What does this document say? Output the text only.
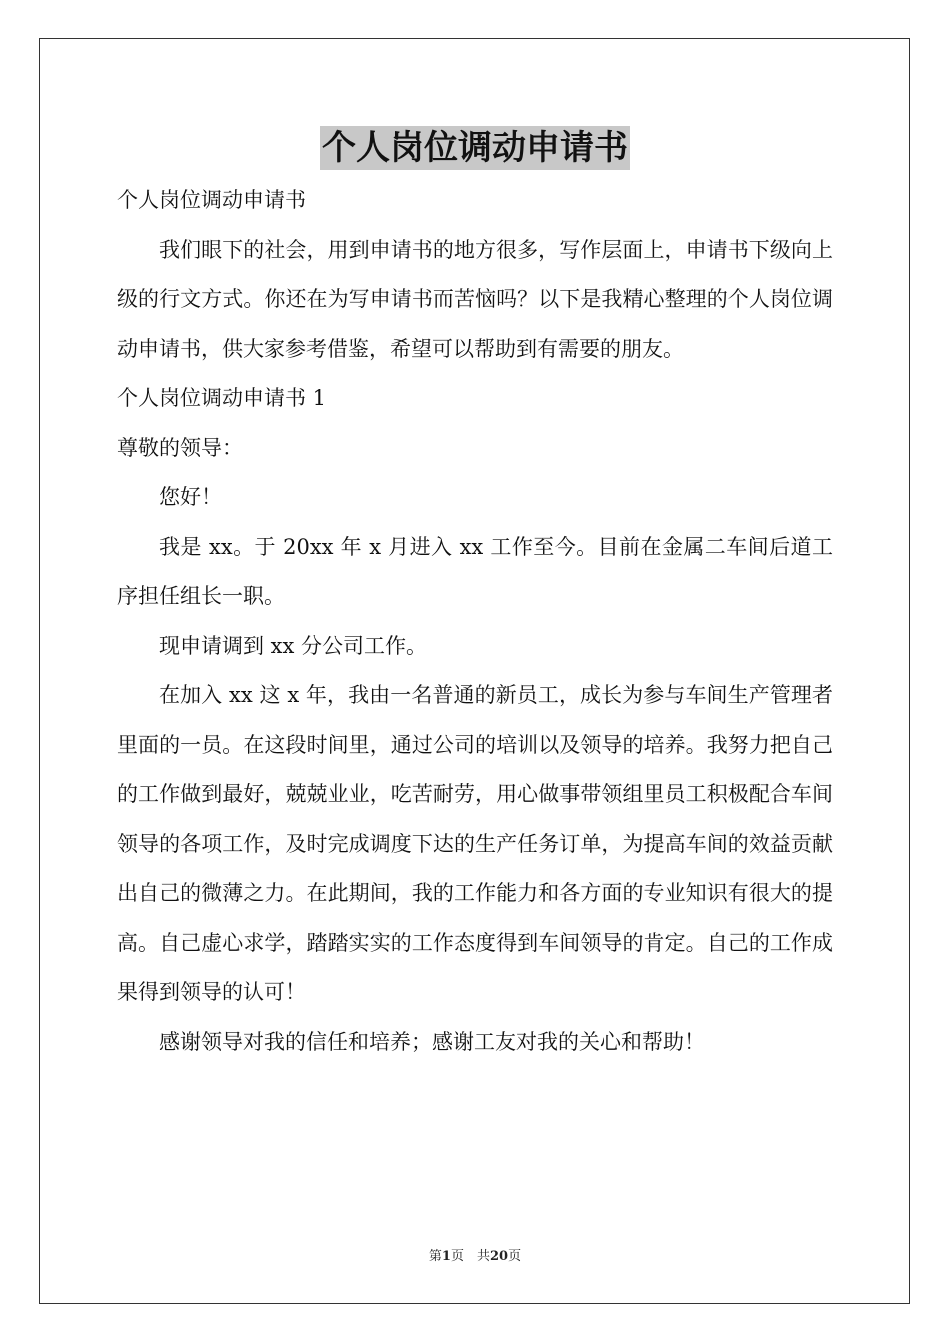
个人岗位调动申请书

个人岗位调动申请书

我们眼下的社会，用到申请书的地方很多，写作层面上，申请书下级向上级的行文方式。你还在为写申请书而苦恼吗？以下是我精心整理的个人岗位调动申请书，供大家参考借鉴，希望可以帮助到有需要的朋友。

个人岗位调动申请书 1

尊敬的领导：

您好！

我是 xx。于 20xx 年 x 月进入 xx 工作至今。目前在金属二车间后道工序担任组长一职。

现申请调到 xx 分公司工作。

在加入 xx 这 x 年，我由一名普通的新员工，成长为参与车间生产管理者里面的一员。在这段时间里，通过公司的培训以及领导的培养。我努力把自己的工作做到最好，兢兢业业，吃苦耐劳，用心做事带领组里员工积极配合车间领导的各项工作，及时完成调度下达的生产任务订单，为提高车间的效益贡献出自己的微薄之力。在此期间，我的工作能力和各方面的专业知识有很大的提高。自己虚心求学，踏踏实实的工作态度得到车间领导的肯定。自己的工作成果得到领导的认可！

感谢领导对我的信任和培养；感谢工友对我的关心和帮助！

第1页　共20页
